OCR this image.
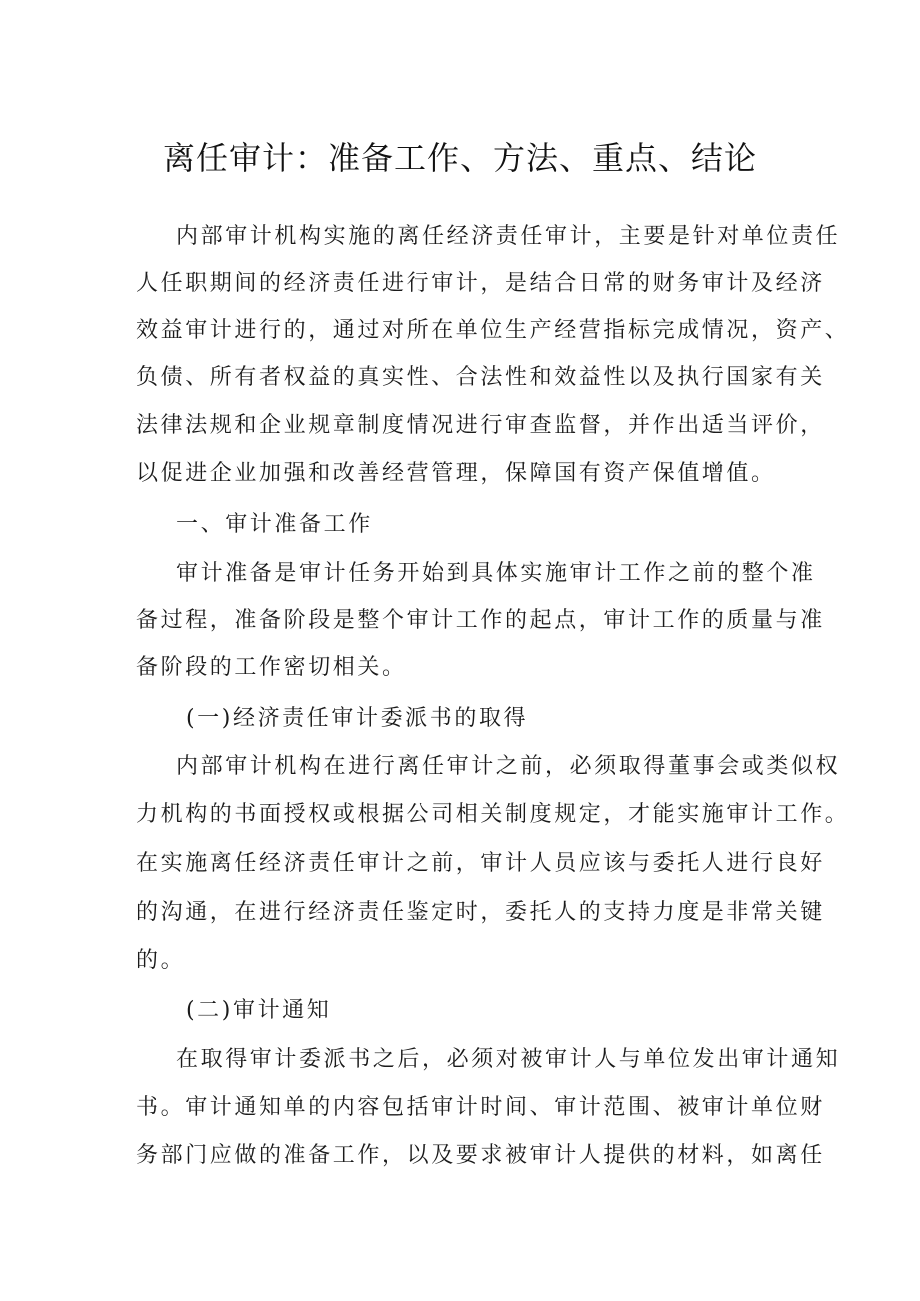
离任审计：准备工作、方法、重点、结论
内部审计机构实施的离任经济责任审计，主要是针对单位责任
人任职期间的经济责任进行审计，是结合日常的财务审计及经济
效益审计进行的，通过对所在单位生产经营指标完成情况，资产、
负债、所有者权益的真实性、合法性和效益性以及执行国家有关
法律法规和企业规章制度情况进行审查监督，并作出适当评价，
以促进企业加强和改善经营管理，保障国有资产保值增值。
一、审计准备工作
审计准备是审计任务开始到具体实施审计工作之前的整个准
备过程，准备阶段是整个审计工作的起点，审计工作的质量与准
备阶段的工作密切相关。
(一)经济责任审计委派书的取得
内部审计机构在进行离任审计之前，必须取得董事会或类似权
力机构的书面授权或根据公司相关制度规定，才能实施审计工作。
在实施离任经济责任审计之前，审计人员应该与委托人进行良好
的沟通，在进行经济责任鉴定时，委托人的支持力度是非常关键
的。
(二)审计通知
在取得审计委派书之后，必须对被审计人与单位发出审计通知
书。审计通知单的内容包括审计时间、审计范围、被审计单位财
务部门应做的准备工作，以及要求被审计人提供的材料，如离任
